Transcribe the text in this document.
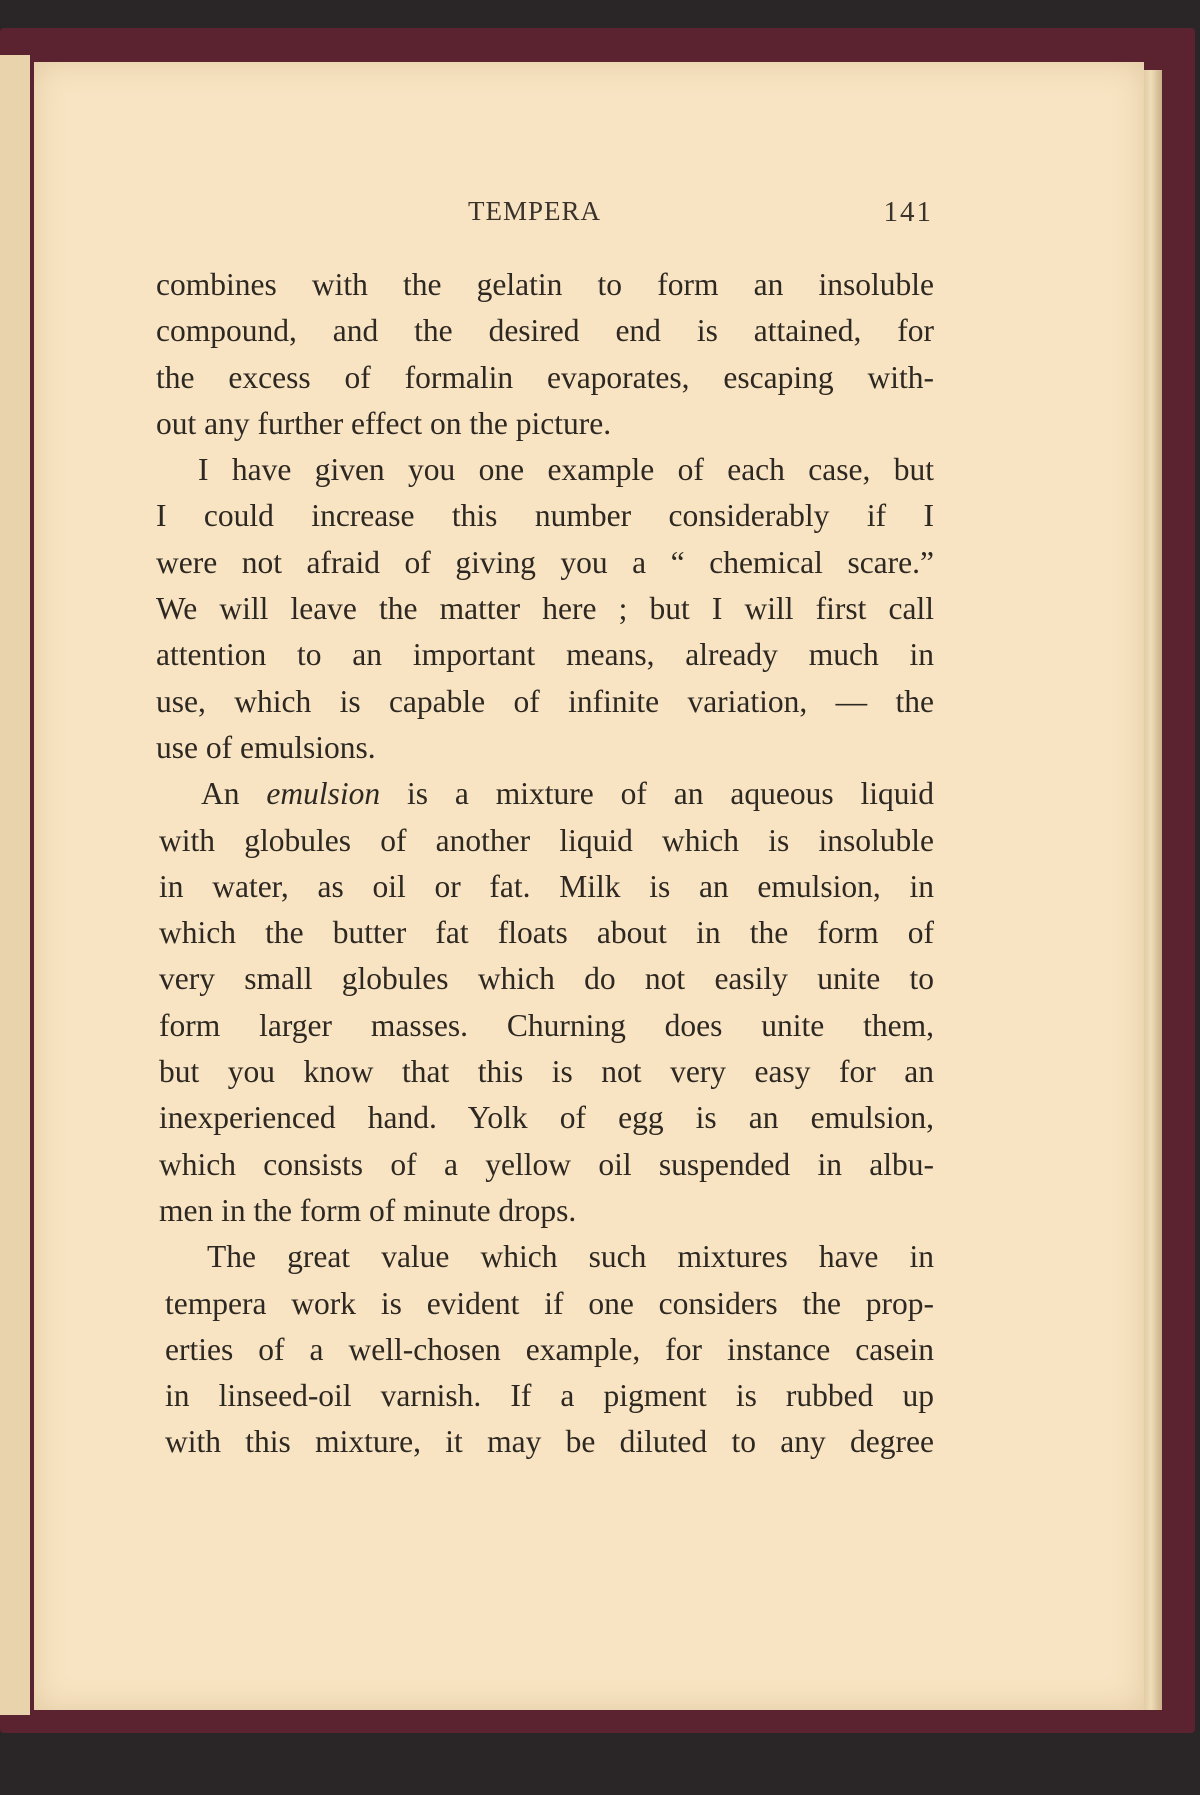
TEMPERA	141
combines with the gelatin to form an insoluble
compound, and the desired end is attained, for
the excess of formalin evaporates, escaping with-
out any further effect on the picture.
I have given you one example of each case, but
I could increase this number considerably if I
were not afraid of giving you a “ chemical scare.”
We will leave the matter here ; but I will first call
attention to an important means, already much in
use, which is capable of infinite variation, — the
use of emulsions.
An emulsion is a mixture of an aqueous liquid
with globules of another liquid which is insoluble
in water, as oil or fat. Milk is an emulsion, in
which the butter fat floats about in the form of
very small globules which do not easily unite to
form larger masses. Churning does unite them,
but you know that this is not very easy for an
inexperienced hand. Yolk of egg is an emulsion,
which consists of a yellow oil suspended in albu-
men in the form of minute drops.
The great value which such mixtures have in
tempera work is evident if one considers the prop-
erties of a well-chosen example, for instance casein
in linseed-oil varnish. If a pigment is rubbed up
with this mixture, it may be diluted to any degree
